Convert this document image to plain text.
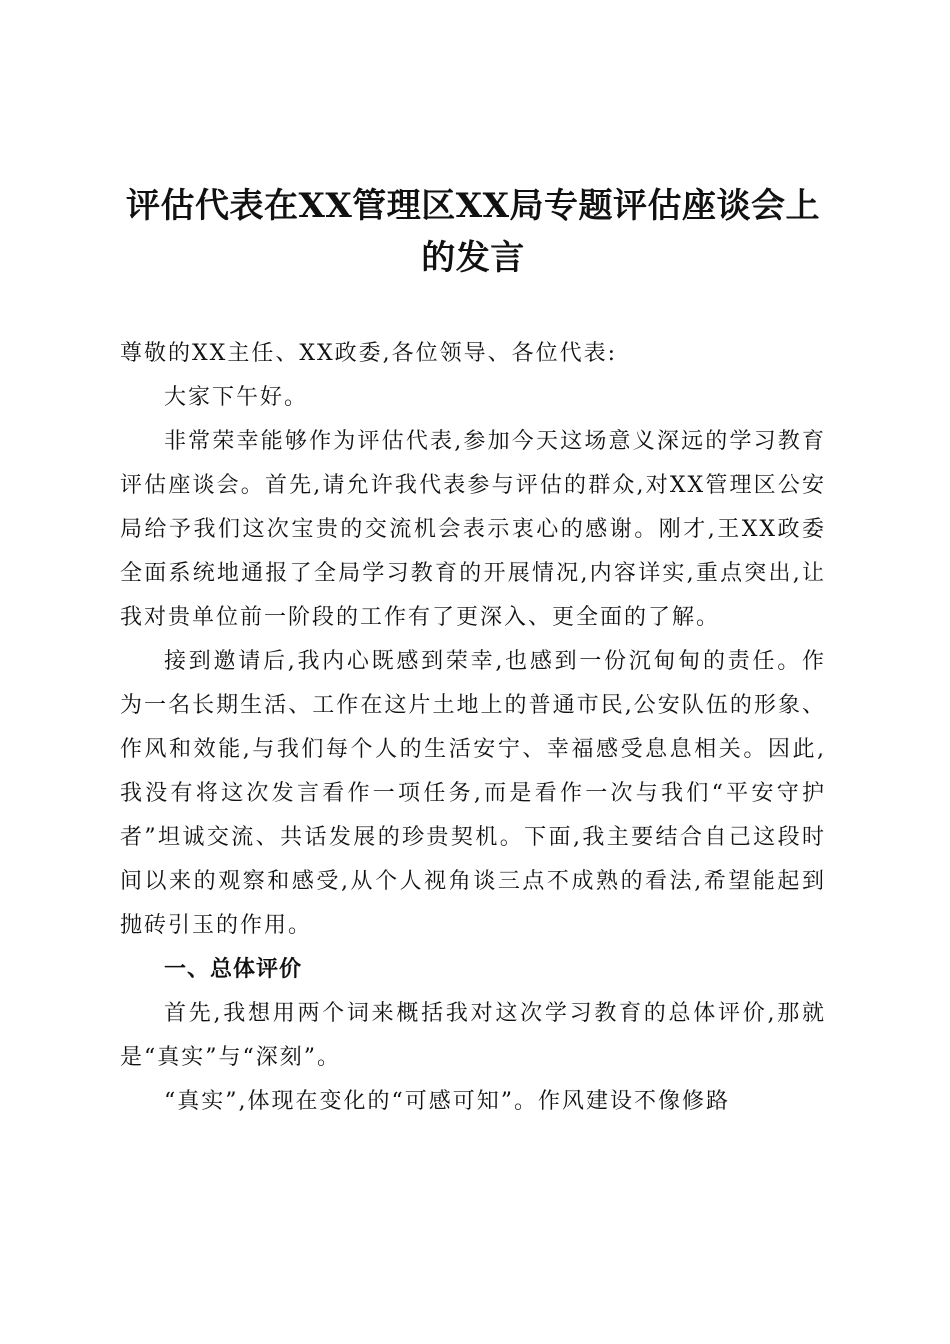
评估代表在XX管理区XX局专题评估座谈会上的发言

尊敬的XX主任、XX政委,各位领导、各位代表:

大家下午好。

非常荣幸能够作为评估代表,参加今天这场意义深远的学习教育评估座谈会。首先,请允许我代表参与评估的群众,对XX管理区公安局给予我们这次宝贵的交流机会表示衷心的感谢。刚才,王XX政委全面系统地通报了全局学习教育的开展情况,内容详实,重点突出,让我对贵单位前一阶段的工作有了更深入、更全面的了解。

接到邀请后,我内心既感到荣幸,也感到一份沉甸甸的责任。作为一名长期生活、工作在这片土地上的普通市民,公安队伍的形象、作风和效能,与我们每个人的生活安宁、幸福感受息息相关。因此,我没有将这次发言看作一项任务,而是看作一次与我们“平安守护者”坦诚交流、共话发展的珍贵契机。下面,我主要结合自己这段时间以来的观察和感受,从个人视角谈三点不成熟的看法,希望能起到抛砖引玉的作用。

一、总体评价

首先,我想用两个词来概括我对这次学习教育的总体评价,那就是“真实”与“深刻”。

“真实”,体现在变化的“可感可知”。作风建设不像修路
